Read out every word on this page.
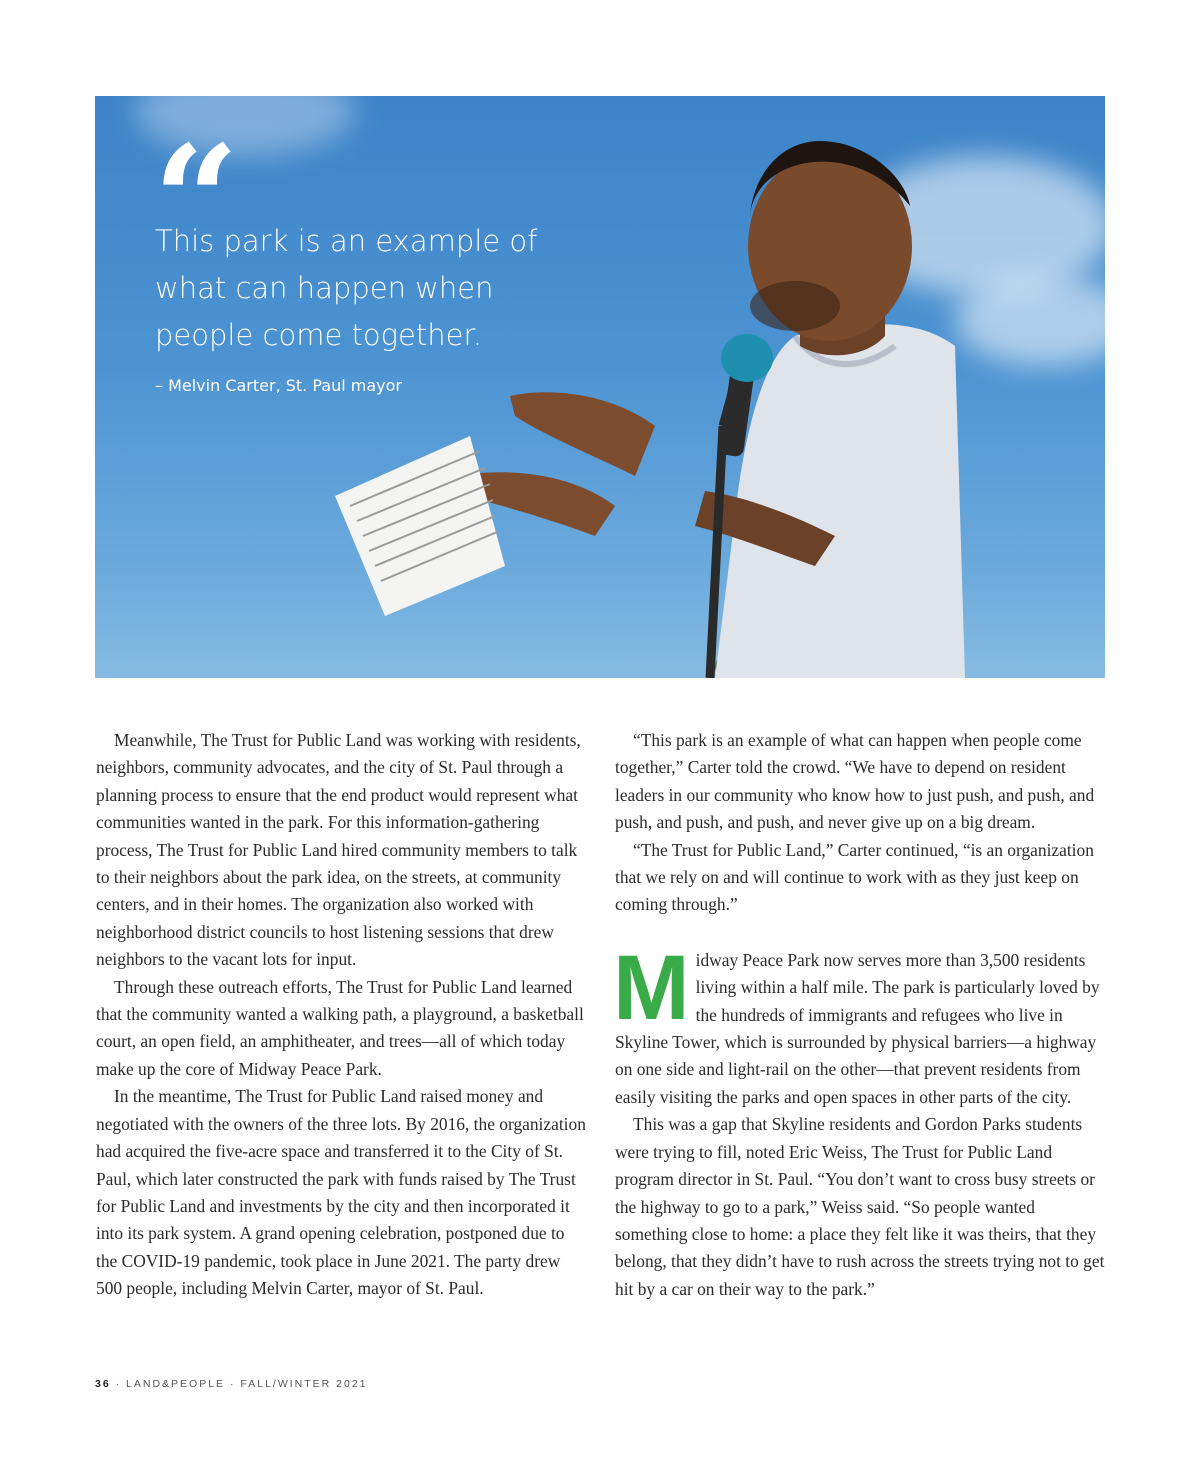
“

This park is an example of
what can happen when
people come together.

– Melvin Carter, St. Paul mayor

Meanwhile, The Trust for Public Land was working with residents, neighbors, community advocates, and the city of St. Paul through a planning process to ensure that the end product would represent what communities wanted in the park. For this information-gathering process, The Trust for Public Land hired community members to talk to their neighbors about the park idea, on the streets, at community centers, and in their homes. The organization also worked with neighborhood district councils to host listening sessions that drew neighbors to the vacant lots for input.

Through these outreach efforts, The Trust for Public Land learned that the community wanted a walking path, a playground, a basketball court, an open field, an amphitheater, and trees—all of which today make up the core of Midway Peace Park.

In the meantime, The Trust for Public Land raised money and negotiated with the owners of the three lots. By 2016, the organization had acquired the five-acre space and transferred it to the City of St. Paul, which later constructed the park with funds raised by The Trust for Public Land and investments by the city and then incorporated it into its park system. A grand opening celebration, postponed due to the COVID-19 pandemic, took place in June 2021. The party drew 500 people, including Melvin Carter, mayor of St. Paul.

“This park is an example of what can happen when people come together,” Carter told the crowd. “We have to depend on resident leaders in our community who know how to just push, and push, and push, and push, and push, and never give up on a big dream.

“The Trust for Public Land,” Carter continued, “is an organization that we rely on and will continue to work with as they just keep on coming through.”

Midway Peace Park now serves more than 3,500 residents living within a half mile. The park is particularly loved by the hundreds of immigrants and refugees who live in Skyline Tower, which is surrounded by physical barriers—a highway on one side and light-rail on the other—that prevent residents from easily visiting the parks and open spaces in other parts of the city.

This was a gap that Skyline residents and Gordon Parks students were trying to fill, noted Eric Weiss, The Trust for Public Land program director in St. Paul. “You don’t want to cross busy streets or the highway to go to a park,” Weiss said. “So people wanted something close to home: a place they felt like it was theirs, that they belong, that they didn’t have to rush across the streets trying not to get hit by a car on their way to the park.”

36 · LAND&PEOPLE · FALL/WINTER 2021
